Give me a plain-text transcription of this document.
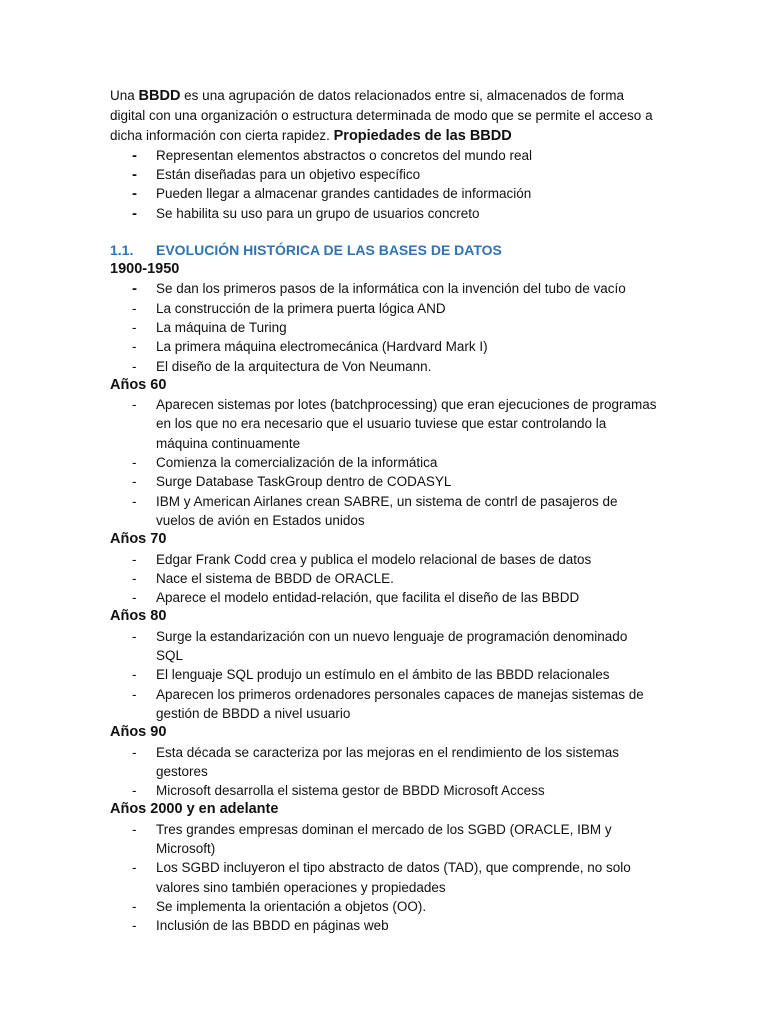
Una BBDD es una agrupación de datos relacionados entre si, almacenados de forma digital con una organización o estructura determinada de modo que se permite el acceso a dicha información con cierta rapidez. Propiedades de las BBDD

- Representan elementos abstractos o concretos del mundo real
- Están diseñadas para un objetivo específico
- Pueden llegar a almacenar grandes cantidades de información
- Se habilita su uso para un grupo de usuarios concreto
1.1. EVOLUCIÓN HISTÓRICA DE LAS BASES DE DATOS

1900-1950

- Se dan los primeros pasos de la informática con la invención del tubo de vacío
- La construcción de la primera puerta lógica AND
- La máquina de Turing
- La primera máquina electromecánica (Hardvard Mark I)
- El diseño de la arquitectura de Von Neumann.

Años 60

- Aparecen sistemas por lotes (batchprocessing) que eran ejecuciones de programas en los que no era necesario que el usuario tuviese que estar controlando la máquina continuamente
- Comienza la comercialización de la informática
- Surge Database TaskGroup dentro de CODASYL
- IBM y American Airlanes crean SABRE, un sistema de contrl de pasajeros de vuelos de avión en Estados unidos

Años 70

- Edgar Frank Codd crea y publica el modelo relacional de bases de datos
- Nace el sistema de BBDD de ORACLE.
- Aparece el modelo entidad-relación, que facilita el diseño de las BBDD

Años 80

- Surge la estandarización con un nuevo lenguaje de programación denominado SQL
- El lenguaje SQL produjo un estímulo en el ámbito de las BBDD relacionales
- Aparecen los primeros ordenadores personales capaces de manejas sistemas de gestión de BBDD a nivel usuario

Años 90

- Esta década se caracteriza por las mejoras en el rendimiento de los sistemas gestores
- Microsoft desarrolla el sistema gestor de BBDD Microsoft Access

Años 2000 y en adelante

- Tres grandes empresas dominan el mercado de los SGBD (ORACLE, IBM y Microsoft)
- Los SGBD incluyeron el tipo abstracto de datos (TAD), que comprende, no solo valores sino también operaciones y propiedades
- Se implementa la orientación a objetos (OO).
- Inclusión de las BBDD en páginas web
